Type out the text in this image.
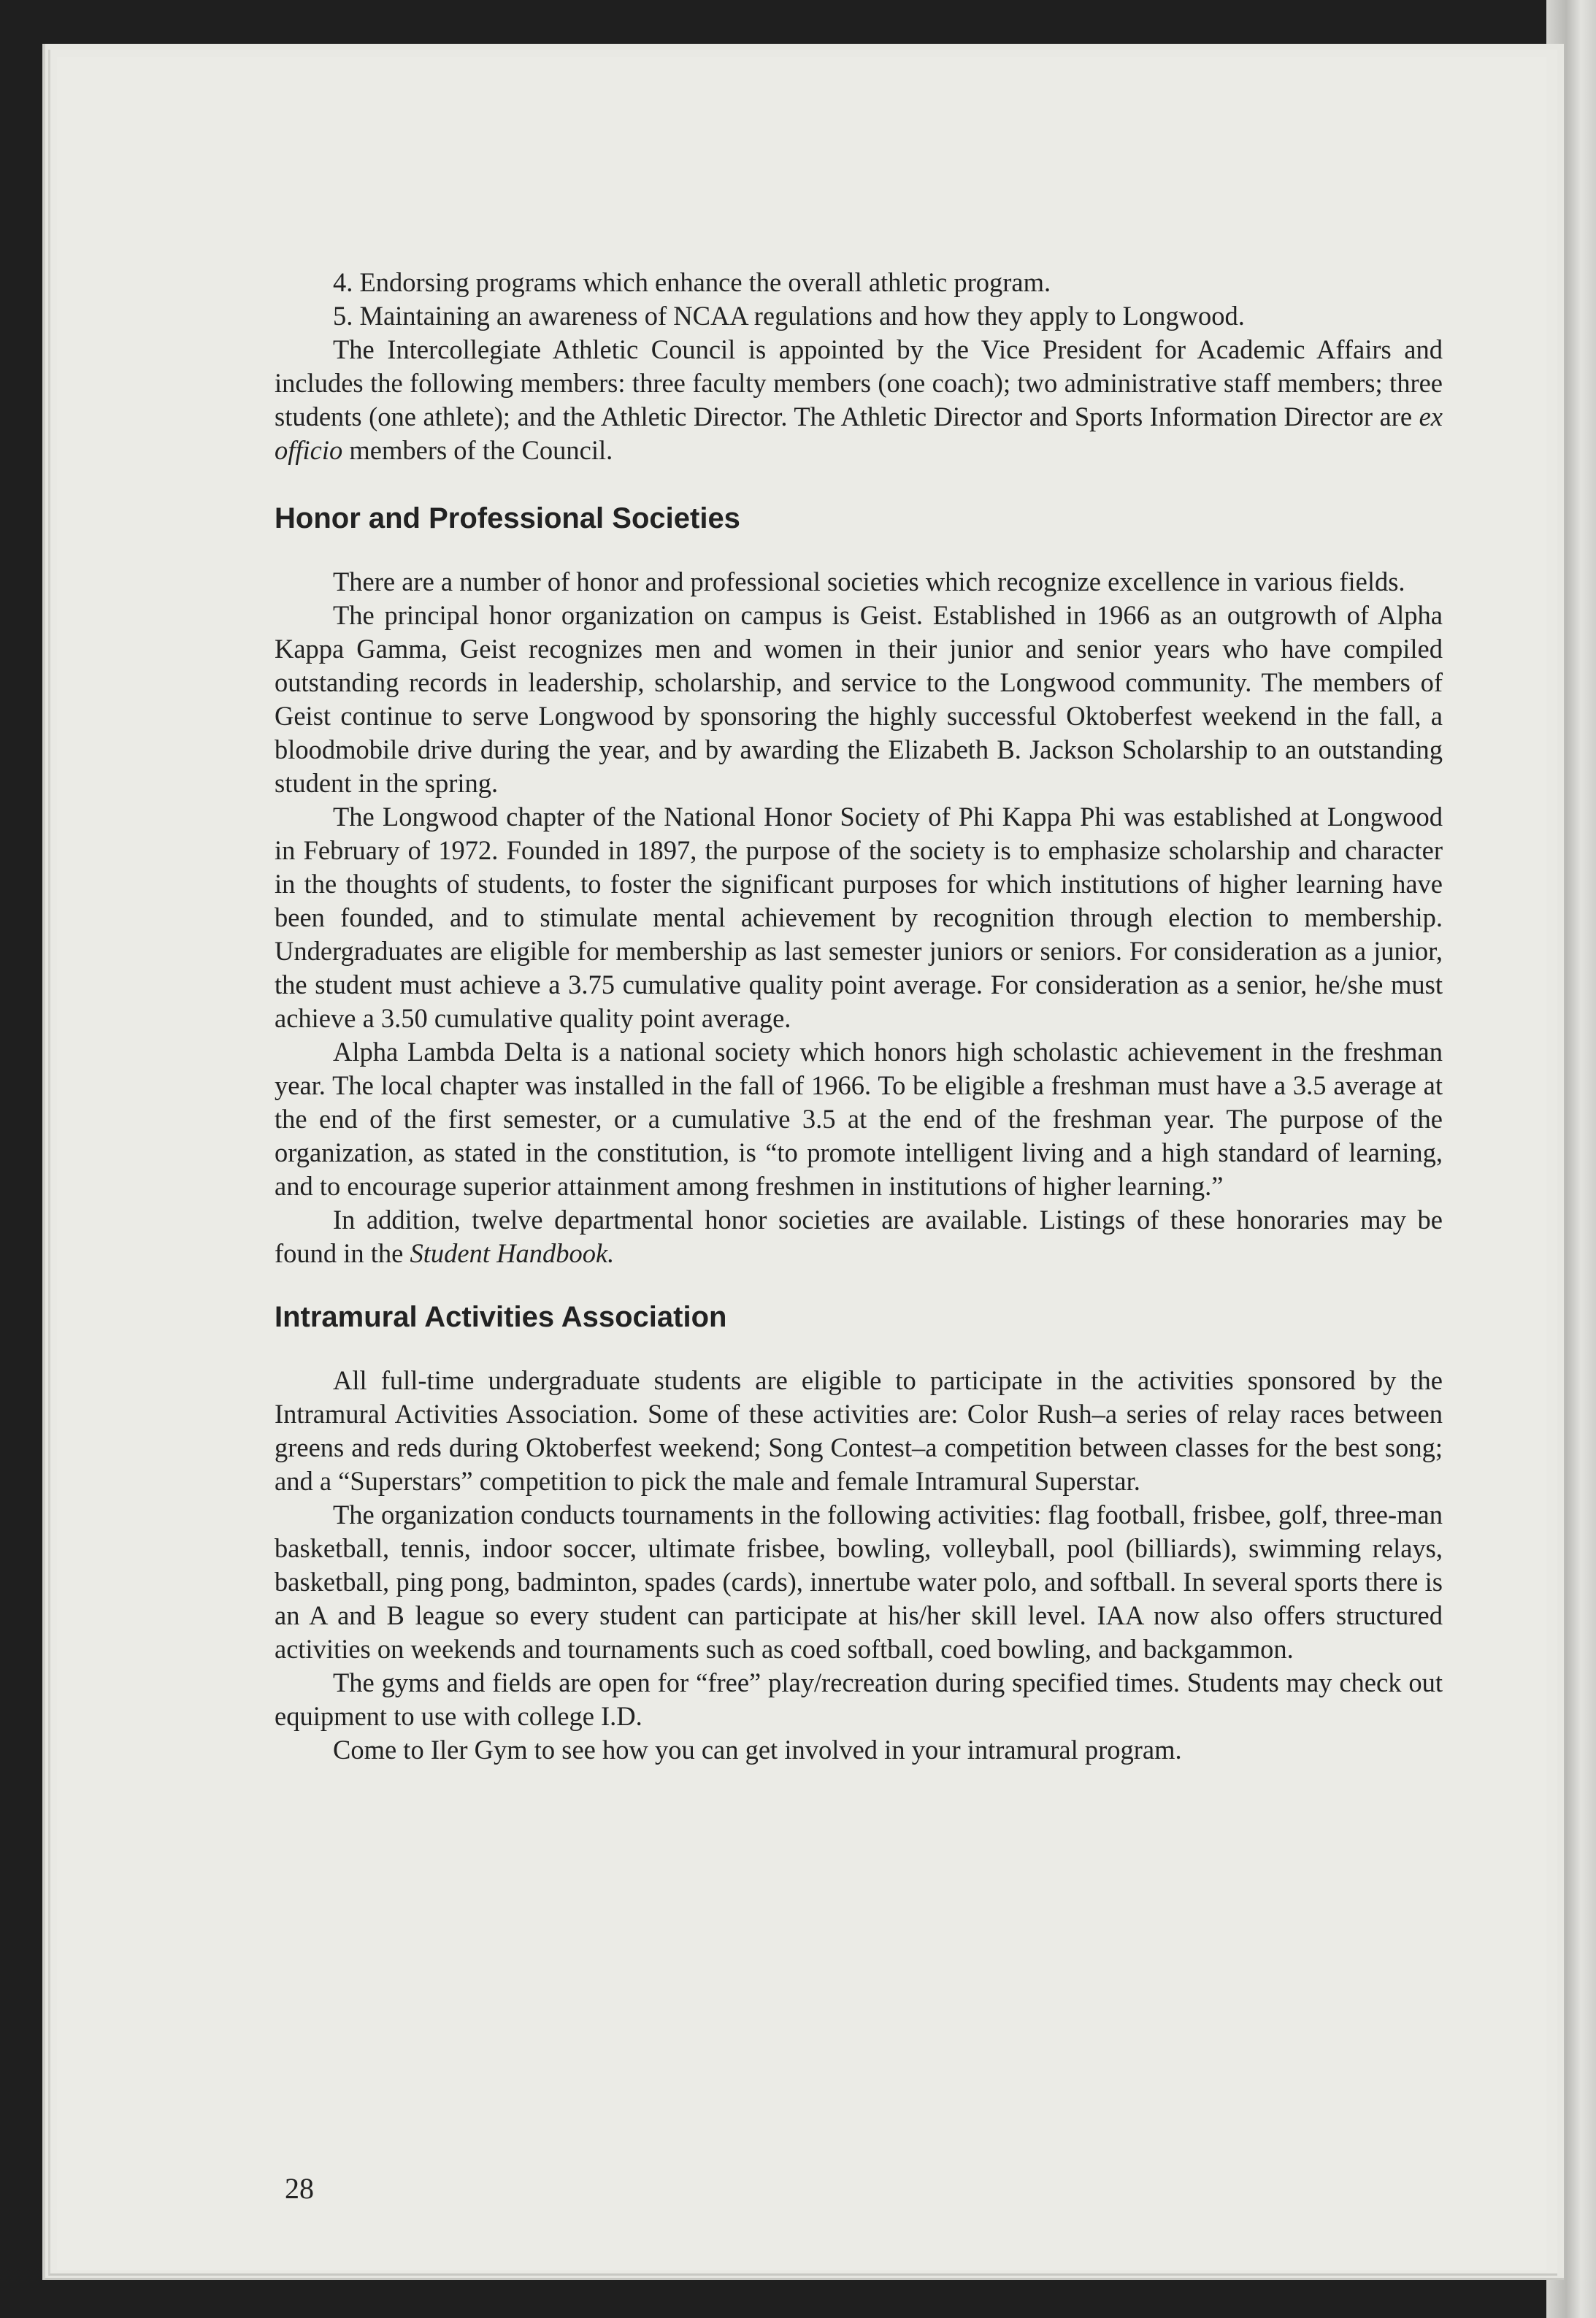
4. Endorsing programs which enhance the overall athletic program.

5. Maintaining an awareness of NCAA regulations and how they apply to Longwood.

The Intercollegiate Athletic Council is appointed by the Vice President for Academic Affairs and includes the following members: three faculty members (one coach); two administrative staff members; three students (one athlete); and the Athletic Director. The Athletic Director and Sports Information Director are ex officio members of the Council.

Honor and Professional Societies

There are a number of honor and professional societies which recognize excellence in various fields.

The principal honor organization on campus is Geist. Established in 1966 as an outgrowth of Alpha Kappa Gamma, Geist recognizes men and women in their junior and senior years who have compiled outstanding records in leadership, scholarship, and service to the Longwood community. The members of Geist continue to serve Longwood by sponsoring the highly successful Oktoberfest weekend in the fall, a bloodmobile drive during the year, and by awarding the Elizabeth B. Jackson Scholarship to an outstanding student in the spring.

The Longwood chapter of the National Honor Society of Phi Kappa Phi was established at Longwood in February of 1972. Founded in 1897, the purpose of the society is to emphasize scholarship and character in the thoughts of students, to foster the significant purposes for which institutions of higher learning have been founded, and to stimulate mental achievement by recognition through election to membership. Undergraduates are eligible for membership as last semester juniors or seniors. For consideration as a junior, the student must achieve a 3.75 cumulative quality point average. For consideration as a senior, he/she must achieve a 3.50 cumulative quality point average.

Alpha Lambda Delta is a national society which honors high scholastic achievement in the freshman year. The local chapter was installed in the fall of 1966. To be eligible a freshman must have a 3.5 average at the end of the first semester, or a cumulative 3.5 at the end of the freshman year. The purpose of the organization, as stated in the constitution, is “to promote intelligent living and a high standard of learning, and to encourage superior attainment among freshmen in institutions of higher learning.”

In addition, twelve departmental honor societies are available. Listings of these honoraries may be found in the Student Handbook.

Intramural Activities Association

All full-time undergraduate students are eligible to participate in the activities sponsored by the Intramural Activities Association. Some of these activities are: Color Rush–a series of relay races between greens and reds during Oktoberfest weekend; Song Contest–a competition between classes for the best song; and a “Superstars” competition to pick the male and female Intramural Superstar.

The organization conducts tournaments in the following activities: flag football, frisbee, golf, three-man basketball, tennis, indoor soccer, ultimate frisbee, bowling, volleyball, pool (billiards), swimming relays, basketball, ping pong, badminton, spades (cards), innertube water polo, and softball. In several sports there is an A and B league so every student can participate at his/her skill level. IAA now also offers structured activities on weekends and tournaments such as coed softball, coed bowling, and backgammon.

The gyms and fields are open for “free” play/recreation during specified times. Students may check out equipment to use with college I.D.

Come to Iler Gym to see how you can get involved in your intramural program.

28
